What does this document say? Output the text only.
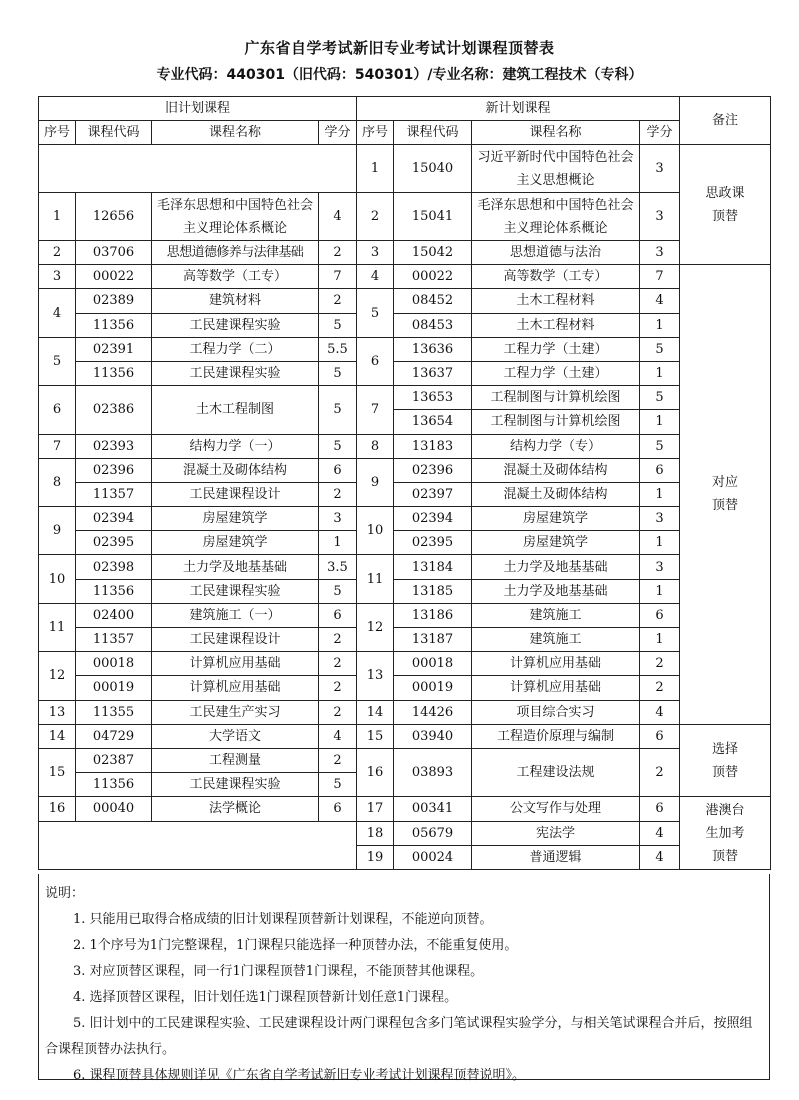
广东省自学考试新旧专业考试计划课程顶替表
专业代码：440301（旧代码：540301）/专业名称：建筑工程技术（专科）
旧计划课程				新计划课程				备注
序号	课程代码	课程名称	学分	序号	课程代码	课程名称	学分	
				1	15040	习近平新时代中国特色社会主义思想概论	3	思政课
顶替
1	12656	毛泽东思想和中国特色社会主义理论体系概论	4	2	15041	毛泽东思想和中国特色社会主义理论体系概论	3	
2	03706	思想道德修养与法律基础	2	3	15042	思想道德与法治	3	
3	00022	高等数学（工专）	7	4	00022	高等数学（工专）	7	对应
顶替
4	02389	建筑材料	2	5	08452	土木工程材料	4	
	11356	工民建课程实验	5		08453	土木工程材料	1	
5	02391	工程力学（二）	5.5	6	13636	工程力学（土建）	5	
	11356	工民建课程实验	5		13637	工程力学（土建）	1	
6	02386	土木工程制图	5	7	13653	工程制图与计算机绘图	5	
					13654	工程制图与计算机绘图	1	
7	02393	结构力学（一）	5	8	13183	结构力学（专）	5	
8	02396	混凝土及砌体结构	6	9	02396	混凝土及砌体结构	6	
	11357	工民建课程设计	2		02397	混凝土及砌体结构	1	
9	02394	房屋建筑学	3	10	02394	房屋建筑学	3	
	02395	房屋建筑学	1		02395	房屋建筑学	1	
10	02398	土力学及地基基础	3.5	11	13184	土力学及地基基础	3	
	11356	工民建课程实验	5		13185	土力学及地基基础	1	
11	02400	建筑施工（一）	6	12	13186	建筑施工	6	
	11357	工民建课程设计	2		13187	建筑施工	1	
12	00018	计算机应用基础	2	13	00018	计算机应用基础	2	
	00019	计算机应用基础	2		00019	计算机应用基础	2	
13	11355	工民建生产实习	2	14	14426	项目综合实习	4	
14	04729	大学语文	4	15	03940	工程造价原理与编制	6	选择
顶替
15	02387	工程测量	2	16	03893	工程建设法规	2	
	11356	工民建课程实验	5					
16	00040	法学概论	6	17	00341	公文写作与处理	6	港澳台
生加考
顶替
				18	05679	宪法学	4	
				19	00024	普通逻辑	4	
说明：
1. 只能用已取得合格成绩的旧计划课程顶替新计划课程，不能逆向顶替。
2. 1个序号为1门完整课程，1门课程只能选择一种顶替办法，不能重复使用。
3. 对应顶替区课程，同一行1门课程顶替1门课程，不能顶替其他课程。
4. 选择顶替区课程，旧计划任选1门课程顶替新计划任意1门课程。
5. 旧计划中的工民建课程实验、工民建课程设计两门课程包含多门笔试课程实验学分，与相关笔试课程合并后，按照组合课程顶替办法执行。
6. 课程顶替具体规则详见《广东省自学考试新旧专业考试计划课程顶替说明》。
